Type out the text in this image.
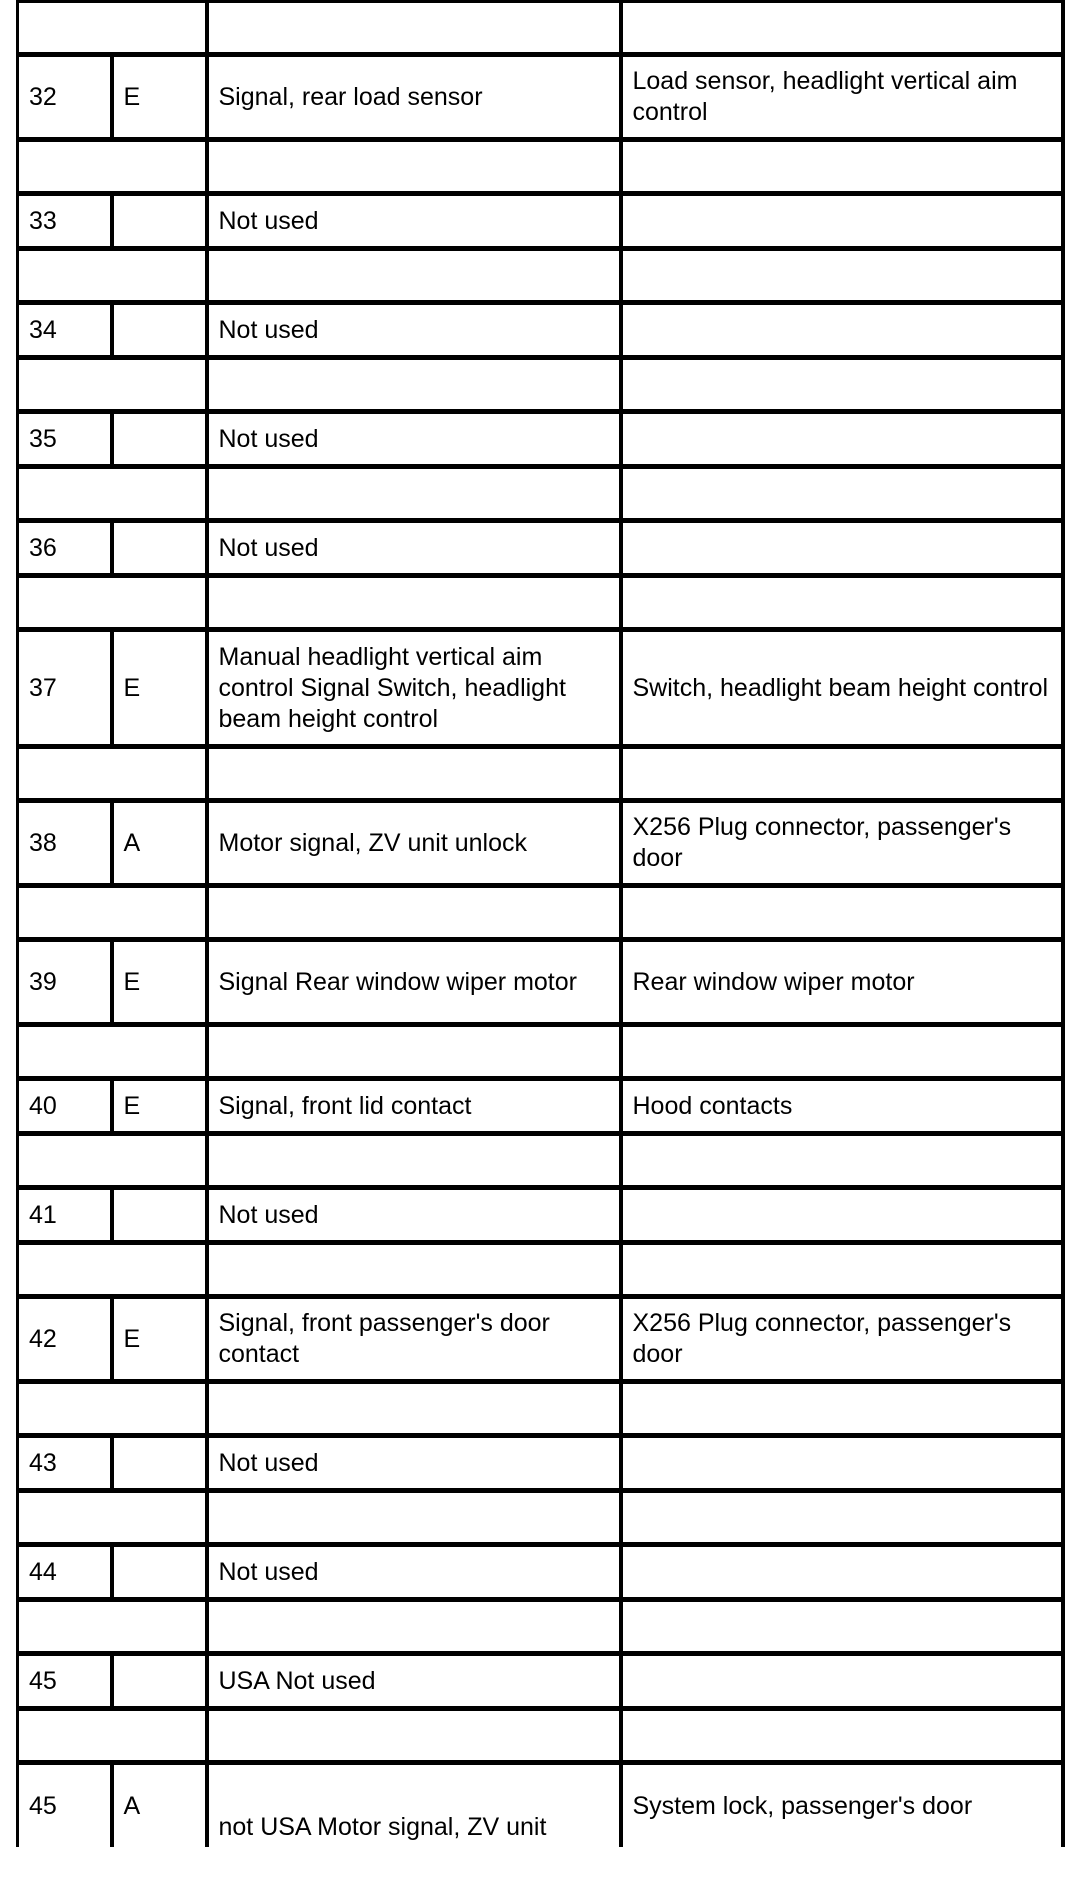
32	E	Signal, rear load sensor	Load sensor, headlight vertical aim control

33		Not used	

34		Not used	

35		Not used	

36		Not used	

37	E	Manual headlight vertical aim control Signal Switch, headlight beam height control	Switch, headlight beam height control

38	A	Motor signal, ZV unit unlock	X256 Plug connector, passenger's door

39	E	Signal Rear window wiper motor	Rear window wiper motor

40	E	Signal, front lid contact	Hood contacts

41		Not used	

42	E	Signal, front passenger's door contact	X256 Plug connector, passenger's door

43		Not used	

44		Not used	

45		USA Not used	

45	A	not USA Motor signal, ZV unit	System lock, passenger's door
